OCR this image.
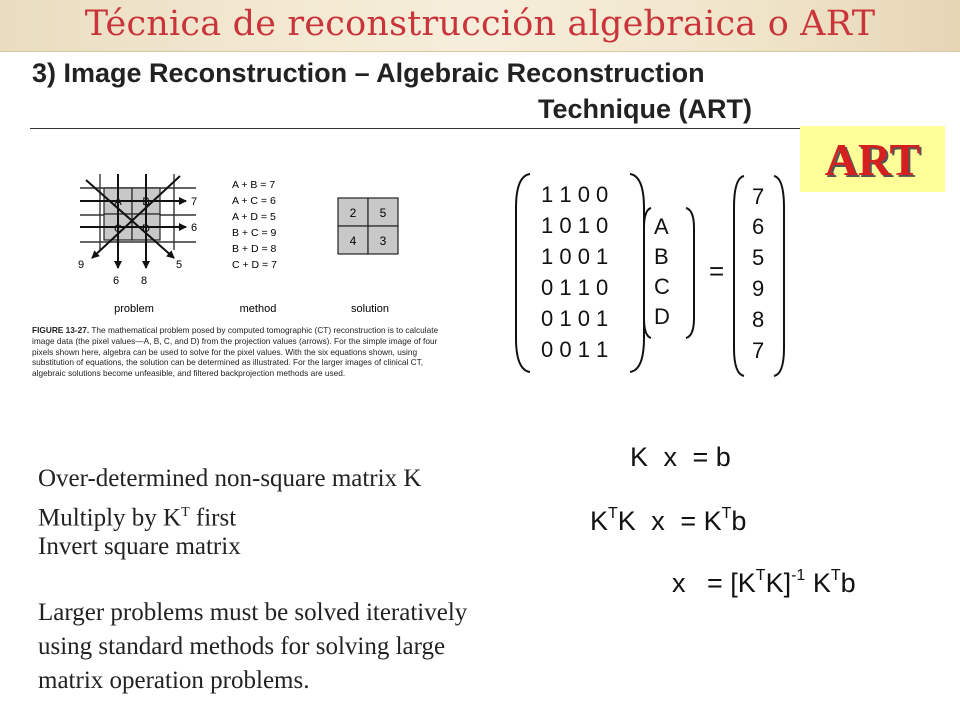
Técnica de reconstrucción algebraica o ART
3) Image Reconstruction – Algebraic Reconstruction
Technique (ART)
ART
A B
C D
7
6
9
6 8
5
A + B = 7
A + C = 6
A + D = 5
B + C = 9
B + D = 8
C + D = 7
2 5
4 3
problem	method	solution
FIGURE 13-27. The mathematical problem posed by computed tomographic (CT) reconstruction is to calculate image data (the pixel values—A, B, C, and D) from the projection values (arrows). For the simple image of four pixels shown here, algebra can be used to solve for the pixel values. With the six equations shown, using substitution of equations, the solution can be determined as illustrated. For the larger images of clinical CT, algebraic solutions become unfeasible, and filtered backprojection methods are used.
1 1 0 0
1 0 1 0
1 0 0 1
0 1 1 0
0 1 0 1
0 0 1 1
A
B
C
D
=
7
6
5
9
8
7
K x = b
$K^TK$ $x = K^Tb$
$x = [K^TK]^{-1}$ $K^Tb$
Over-determined non-square matrix K
Multiply by $K^T$ first
Invert square matrix
Larger problems must be solved iteratively
using standard methods for solving large
matrix operation problems.
